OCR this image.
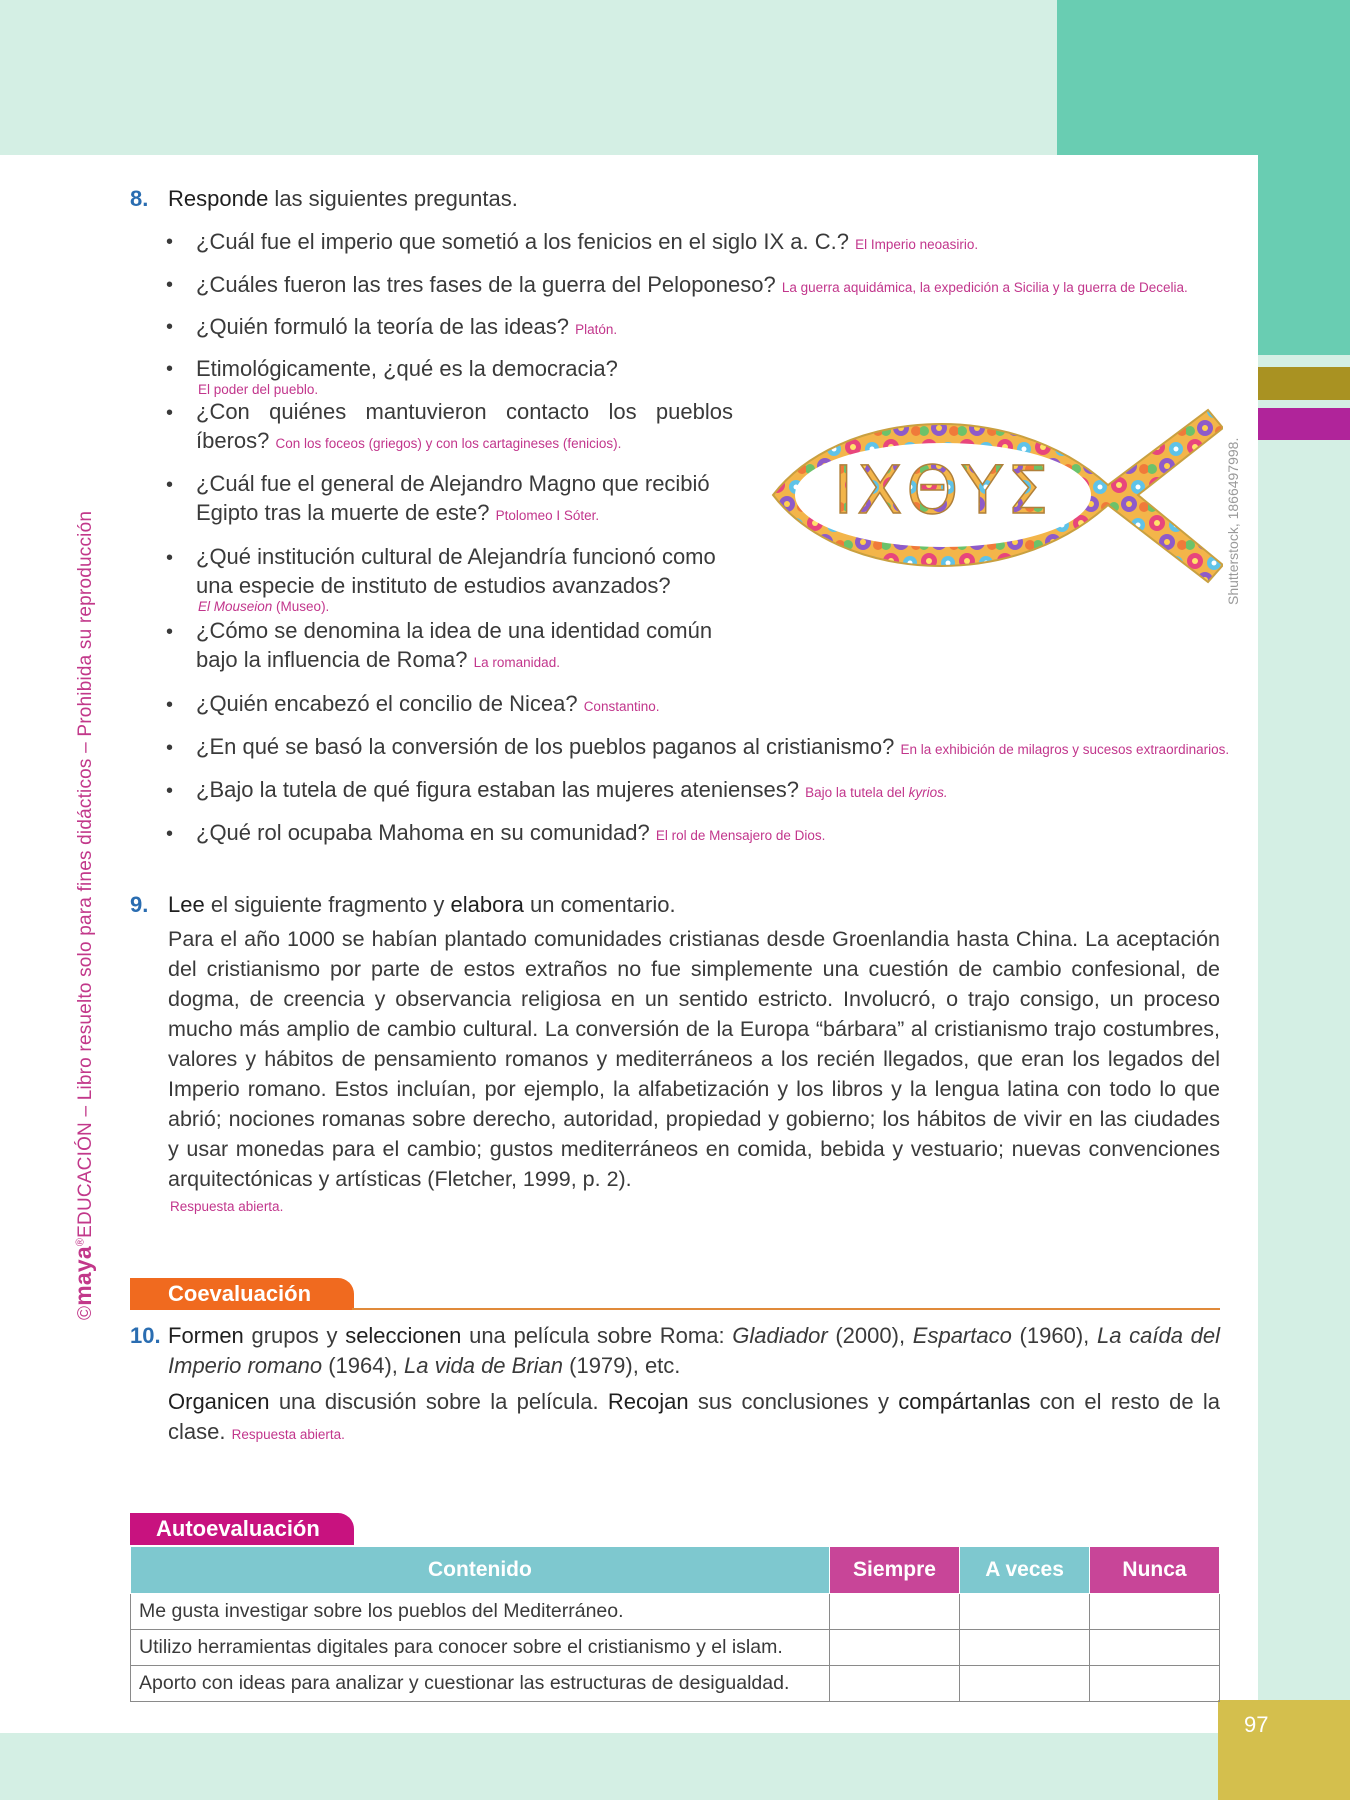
97
©maya®EDUCACIÓN – Libro resuelto solo para fines didácticos – Prohibida su reproducción
8. Responde las siguientes preguntas.
• ¿Cuál fue el imperio que sometió a los fenicios en el siglo IX a. C.? El Imperio neoasirio.
• ¿Cuáles fueron las tres fases de la guerra del Peloponeso? La guerra aquidámica, la expedición a Sicilia y la guerra de Decelia.
• ¿Quién formuló la teoría de las ideas? Platón.
• Etimológicamente, ¿qué es la democracia?
El poder del pueblo.
• ¿Con quiénes mantuvieron contacto los pueblos
íberos? Con los foceos (griegos) y con los cartagineses (fenicios).
• ¿Cuál fue el general de Alejandro Magno que recibió
Egipto tras la muerte de este? Ptolomeo I Sóter.
• ¿Qué institución cultural de Alejandría funcionó como
una especie de instituto de estudios avanzados?
El Mouseion (Museo).
• ¿Cómo se denomina la idea de una identidad común
bajo la influencia de Roma? La romanidad.
• ¿Quién encabezó el concilio de Nicea? Constantino.
• ¿En qué se basó la conversión de los pueblos paganos al cristianismo? En la exhibición de milagros y sucesos extraordinarios.
• ¿Bajo la tutela de qué figura estaban las mujeres atenienses? Bajo la tutela del kyrios.
• ¿Qué rol ocupaba Mahoma en su comunidad? El rol de Mensajero de Dios.
IXΘYΣ	Shutterstock, 1866497998.
9. Lee el siguiente fragmento y elabora un comentario.
Para el año 1000 se habían plantado comunidades cristianas desde Groenlandia hasta China. La aceptación del cristianismo por parte de estos extraños no fue simplemente una cuestión de cambio confesional, de dogma, de creencia y observancia religiosa en un sentido estricto. Involucró, o trajo consigo, un proceso mucho más amplio de cambio cultural. La conversión de la Europa “bárbara” al cristianismo trajo costumbres, valores y hábitos de pensamiento romanos y mediterráneos a los recién llegados, que eran los legados del Imperio romano. Estos incluían, por ejemplo, la alfabetización y los libros y la lengua latina con todo lo que abrió; nociones romanas sobre derecho, autoridad, propiedad y gobierno; los hábitos de vivir en las ciudades y usar monedas para el cambio; gustos mediterráneos en comida, bebida y vestuario; nuevas convenciones arquitectónicas y artísticas (Fletcher, 1999, p. 2).
Respuesta abierta.
Coevaluación
10. Formen grupos y seleccionen una película sobre Roma: Gladiador (2000), Espartaco (1960), La caída del
Imperio romano (1964), La vida de Brian (1979), etc.
Organicen una discusión sobre la película. Recojan sus conclusiones y compártanlas con el resto de la
clase. Respuesta abierta.
Autoevaluación
Contenido	Siempre	A veces	Nunca
Me gusta investigar sobre los pueblos del Mediterráneo.			
Utilizo herramientas digitales para conocer sobre el cristianismo y el islam.			
Aporto con ideas para analizar y cuestionar las estructuras de desigualdad.			
